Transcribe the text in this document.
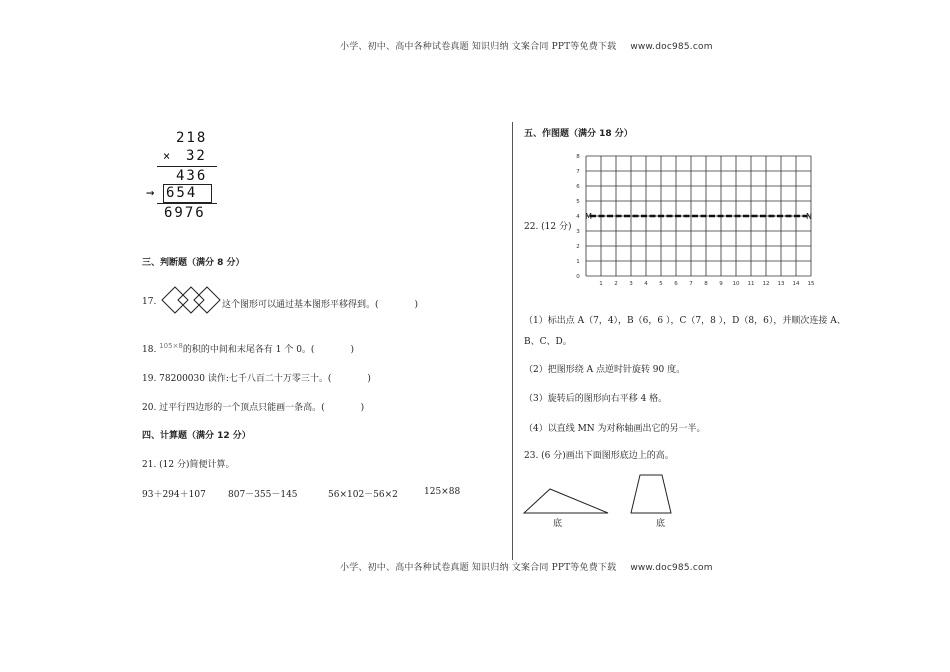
小学、初中、高中各种试卷真题 知识归纳 文案合同 PPT等免费下载 www.doc985.com
218
× 32
436
→ 654
6976
三、判断题（满分 8 分）
17.	这个图形可以通过基本图形平移得到。(　　　　)
18. $^{105\times 8}$的积的中间和末尾各有 1 个 0。(　　　　)
19. 78200030 读作:七千八百二十万零三十。(　　　　)
20. 过平行四边形的一个顶点只能画一条高。(　　　　)
四、计算题（满分 12 分）
21. (12 分)简便计算。
93＋294＋107 807－355－145	56×102－56×2	125×88
五、作图题（满分 18 分）
22. (12 分)
1 2 3 4 5 6 7 8 9 10 11 12 13 14 15
0
1
2
3
4
5
6
7
8
M	N
（1）标出点 A（7，4），B（6，6 ），C（7，8 ），D（8，6），并顺次连接 A、
B、C、D。
（2）把图形绕 A 点逆时针旋转 90 度。
（3）旋转后的图形向右平移 4 格。
（4）以直线 MN 为对称轴画出它的另一半。
23. (6 分)画出下面图形底边上的高。
底	底
小学、初中、高中各种试卷真题 知识归纳 文案合同 PPT等免费下载 www.doc985.com
